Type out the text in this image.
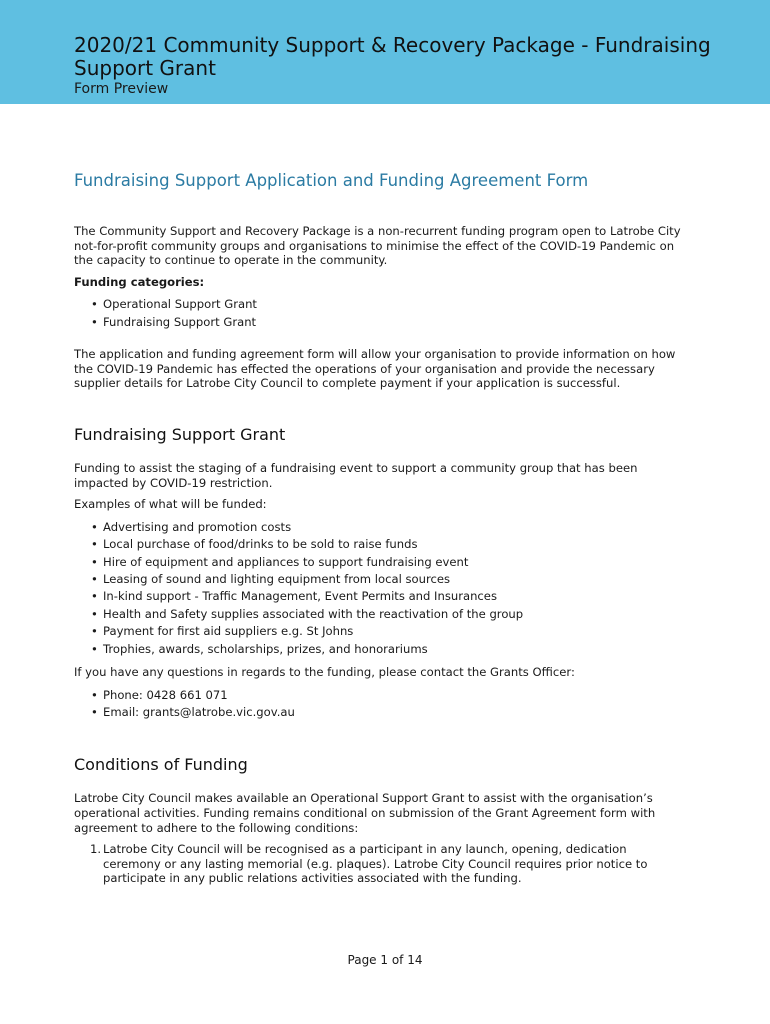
2020/21 Community Support & Recovery Package - Fundraising Support Grant
Form Preview
Fundraising Support Application and Funding Agreement Form

The Community Support and Recovery Package is a non-recurrent funding program open to Latrobe City not-for-profit community groups and organisations to minimise the effect of the COVID-19 Pandemic on the capacity to continue to operate in the community.

Funding categories:

• Operational Support Grant
• Fundraising Support Grant

The application and funding agreement form will allow your organisation to provide information on how the COVID-19 Pandemic has effected the operations of your organisation and provide the necessary supplier details for Latrobe City Council to complete payment if your application is successful.

Fundraising Support Grant

Funding to assist the staging of a fundraising event to support a community group that has been impacted by COVID-19 restriction.

Examples of what will be funded:

• Advertising and promotion costs
• Local purchase of food/drinks to be sold to raise funds
• Hire of equipment and appliances to support fundraising event
• Leasing of sound and lighting equipment from local sources
• In-kind support - Traffic Management, Event Permits and Insurances
• Health and Safety supplies associated with the reactivation of the group
• Payment for first aid suppliers e.g. St Johns
• Trophies, awards, scholarships, prizes, and honorariums

If you have any questions in regards to the funding, please contact the Grants Officer:

• Phone: 0428 661 071
• Email: grants@latrobe.vic.gov.au
Conditions of Funding

Latrobe City Council makes available an Operational Support Grant to assist with the organisation’s operational activities. Funding remains conditional on submission of the Grant Agreement form with agreement to adhere to the following conditions:

1. Latrobe City Council will be recognised as a participant in any launch, opening, dedication ceremony or any lasting memorial (e.g. plaques). Latrobe City Council requires prior notice to participate in any public relations activities associated with the funding.
Page 1 of 14
